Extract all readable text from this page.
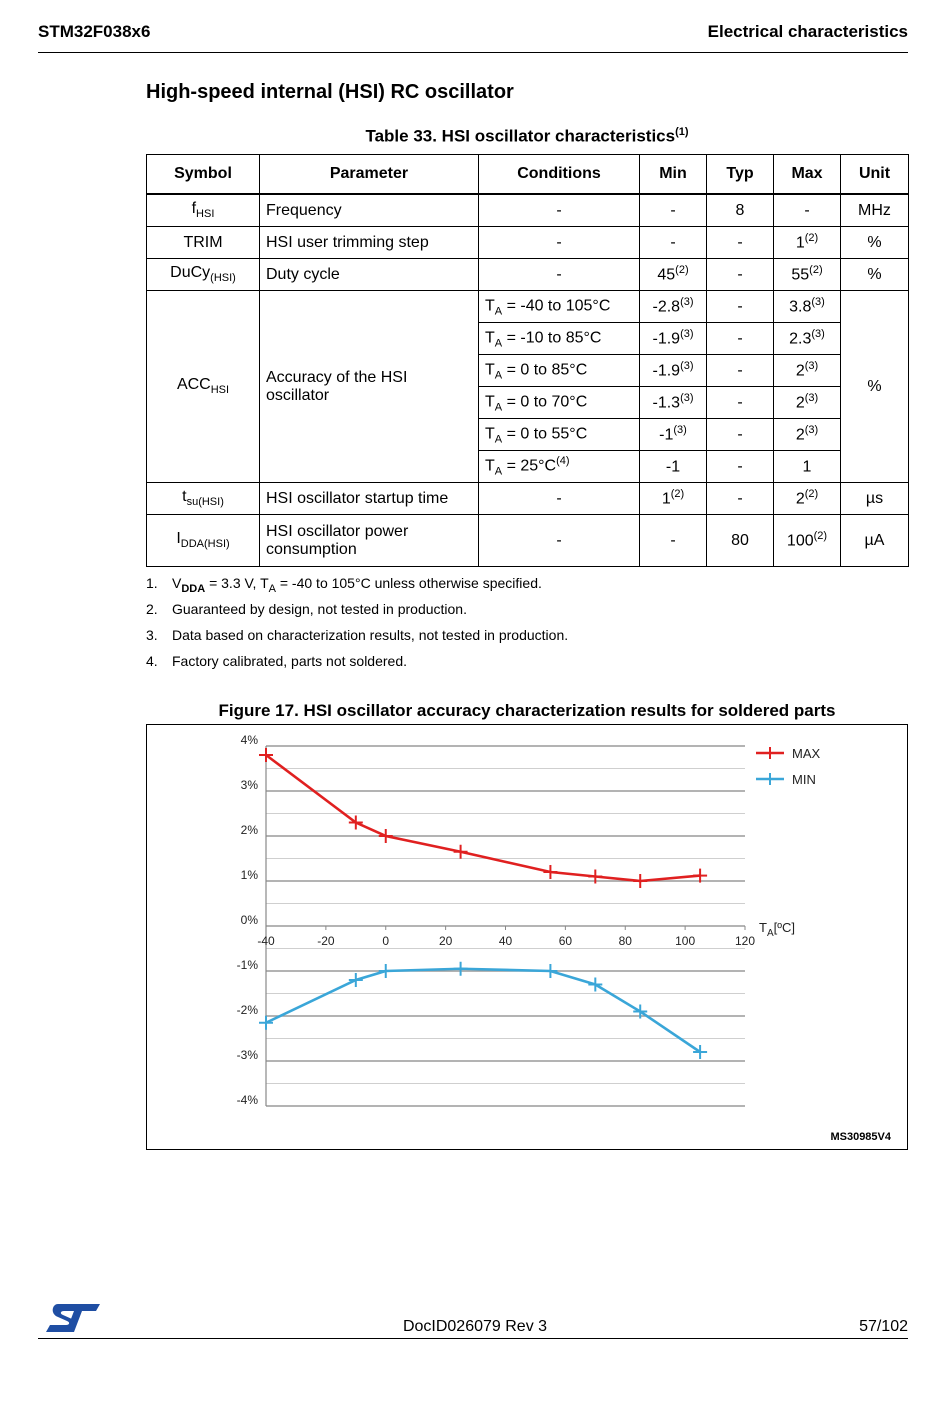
STM32F038x6	Electrical characteristics
High-speed internal (HSI) RC oscillator
Table 33. HSI oscillator characteristics$^{(1)}$
Symbol	Parameter	Conditions	Min	Typ	Max	Unit
$f_{HSI}$	Frequency	-	-	8	-	MHz
TRIM	HSI user trimming step	-	-	-	1$^{(2)}$	%
DuCy$_{(HSI)}$	Duty cycle	-	45$^{(2)}$	-	55$^{(2)}$	%
$ACC_{HSI}$	Accuracy of the HSI oscillator	$T_A = -40$ to 105°C	-2.8$^{(3)}$	-	3.8$^{(3)}$	%
		$T_A = -10$ to 85°C	-1.9$^{(3)}$	-	2.3$^{(3)}$
		$T_A = 0$ to 85°C	-1.9$^{(3)}$	-	2$^{(3)}$
		$T_A = 0$ to 70°C	-1.3$^{(3)}$	-	2$^{(3)}$
		$T_A = 0$ to 55°C	-1$^{(3)}$	-	2$^{(3)}$
		$T_A = 25^\circ C^{(4)}$	-1	-	1	
$t_{su(HSI)}$	HSI oscillator startup time	-	1$^{(2)}$	-	2$^{(2)}$	µs
$I_{DDA(HSI)}$	HSI oscillator power consumption	-	-	80	100$^{(2)}$	µA
1.	$V_{DDA} = 3.3$ V, $T_A = -40$ to 105°C unless otherwise specified.
2.	Guaranteed by design, not tested in production.
3.	Data based on characterization results, not tested in production.
4.	Factory calibrated, parts not soldered.
Figure 17. HSI oscillator accuracy characterization results for soldered parts
4%
3%
2%
1%
0%
-1%
-2%
-3%
-4%
-40	-20	0	20	40	60	80	100	120
$T_A[ºC]$
MAX
MIN
MS30985V4
DocID026079 Rev 3	57/102
